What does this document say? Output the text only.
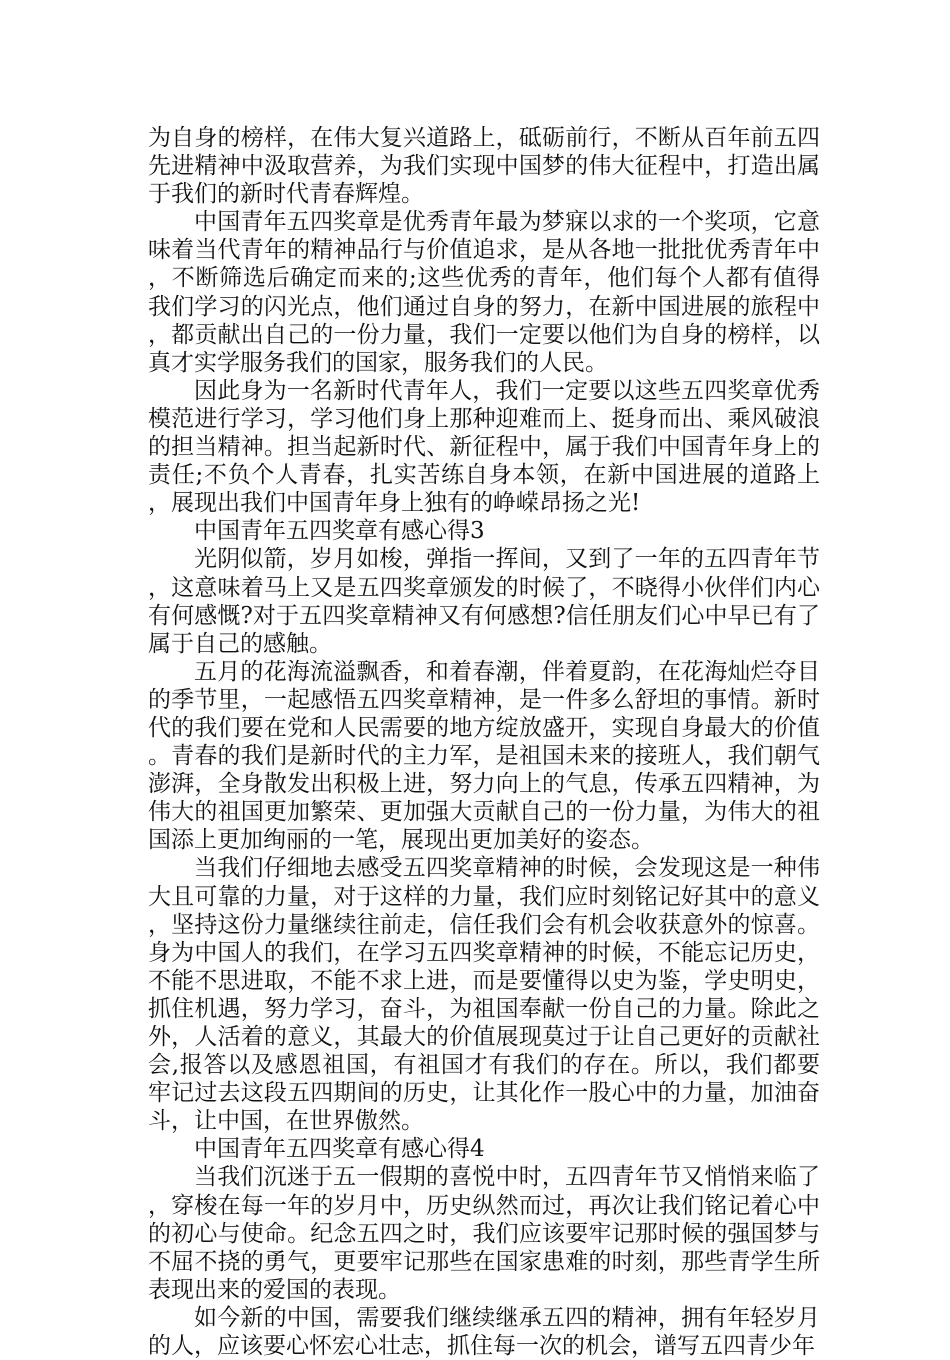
为自身的榜样，在伟大复兴道路上，砥砺前行，不断从百年前五四先进精神中汲取营养，为我们实现中国梦的伟大征程中，打造出属于我们的新时代青春辉煌。

中国青年五四奖章是优秀青年最为梦寐以求的一个奖项，它意味着当代青年的精神品行与价值追求，是从各地一批批优秀青年中，不断筛选后确定而来的;这些优秀的青年，他们每个人都有值得我们学习的闪光点，他们通过自身的努力，在新中国进展的旅程中，都贡献出自己的一份力量，我们一定要以他们为自身的榜样，以真才实学服务我们的国家，服务我们的人民。

因此身为一名新时代青年人，我们一定要以这些五四奖章优秀模范进行学习，学习他们身上那种迎难而上、挺身而出、乘风破浪的担当精神。担当起新时代、新征程中，属于我们中国青年身上的责任;不负个人青春，扎实苦练自身本领，在新中国进展的道路上，展现出我们中国青年身上独有的峥嵘昂扬之光!

中国青年五四奖章有感心得3

光阴似箭，岁月如梭，弹指一挥间，又到了一年的五四青年节，这意味着马上又是五四奖章颁发的时候了，不晓得小伙伴们内心有何感慨?对于五四奖章精神又有何感想?信任朋友们心中早已有了属于自己的感触。

五月的花海流溢飘香，和着春潮，伴着夏韵，在花海灿烂夺目的季节里，一起感悟五四奖章精神，是一件多么舒坦的事情。新时代的我们要在党和人民需要的地方绽放盛开，实现自身最大的价值。青春的我们是新时代的主力军，是祖国未来的接班人，我们朝气澎湃，全身散发出积极上进，努力向上的气息，传承五四精神，为伟大的祖国更加繁荣、更加强大贡献自己的一份力量，为伟大的祖国添上更加绚丽的一笔，展现出更加美好的姿态。

当我们仔细地去感受五四奖章精神的时候，会发现这是一种伟大且可靠的力量，对于这样的力量，我们应时刻铭记好其中的意义，坚持这份力量继续往前走，信任我们会有机会收获意外的惊喜。身为中国人的我们，在学习五四奖章精神的时候，不能忘记历史，不能不思进取，不能不求上进，而是要懂得以史为鉴，学史明史，抓住机遇，努力学习，奋斗，为祖国奉献一份自己的力量。除此之外，人活着的意义，其最大的价值展现莫过于让自己更好的贡献社会,报答以及感恩祖国，有祖国才有我们的存在。所以，我们都要牢记过去这段五四期间的历史，让其化作一股心中的力量，加油奋斗，让中国，在世界傲然。

中国青年五四奖章有感心得4

当我们沉迷于五一假期的喜悦中时，五四青年节又悄悄来临了，穿梭在每一年的岁月中，历史纵然而过，再次让我们铭记着心中的初心与使命。纪念五四之时，我们应该要牢记那时候的强国梦与不屈不挠的勇气，更要牢记那些在国家患难的时刻，那些青学生所表现出来的爱国的表现。

如今新的中国，需要我们继续继承五四的精神，拥有年轻岁月的人，应该要心怀宏心壮志，抓住每一次的机会，谱写五四青少年
